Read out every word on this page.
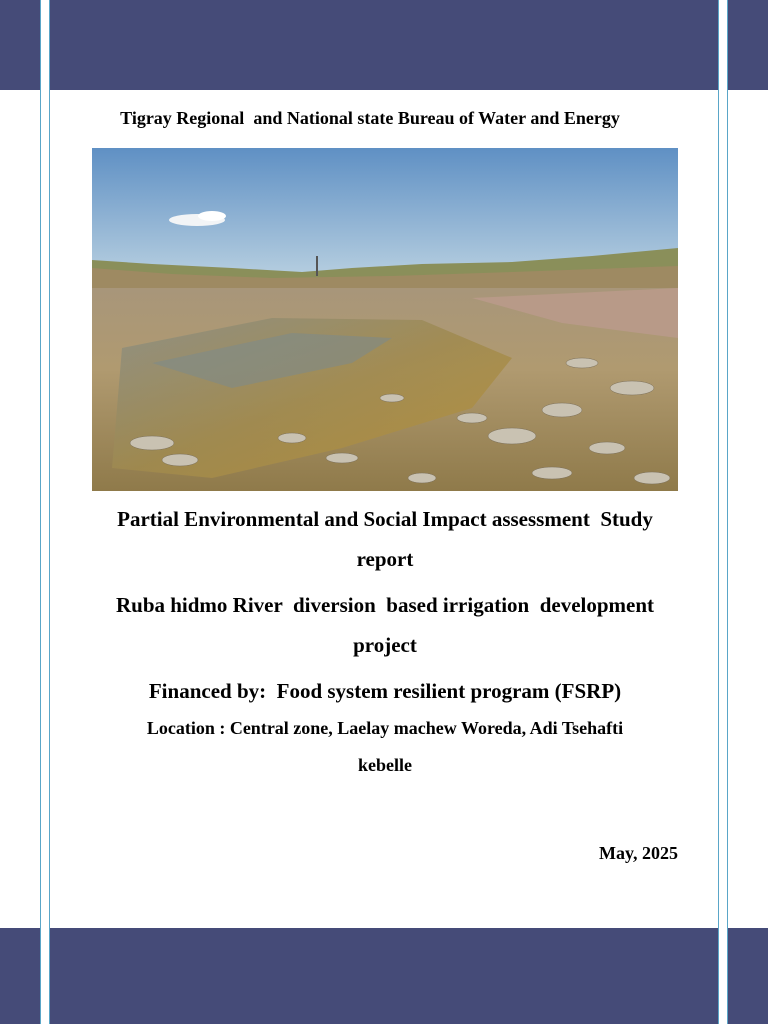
Tigray Regional  and National state Bureau of Water and Energy
Partial Environmental and Social Impact assessment  Study
report
Ruba hidmo River  diversion  based irrigation  development
project
Financed by:  Food system resilient program (FSRP)
Location : Central zone, Laelay machew Woreda, Adi Tsehafti
kebelle
May, 2025
